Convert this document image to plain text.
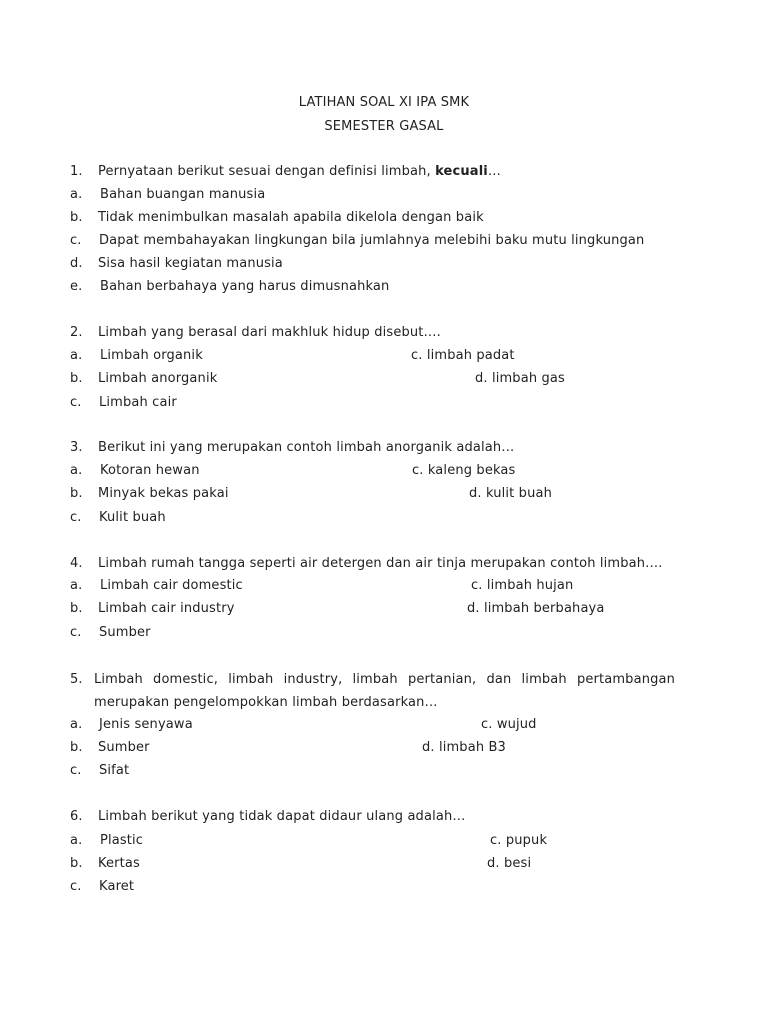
LATIHAN SOAL XI IPA SMK
SEMESTER GASAL
1. Pernyataan berikut sesuai dengan definisi limbah, kecuali…
a. Bahan buangan manusia
b. Tidak menimbulkan masalah apabila dikelola dengan baik
c. Dapat membahayakan lingkungan bila jumlahnya melebihi baku mutu lingkungan
d. Sisa hasil kegiatan manusia
e. Bahan berbahaya yang harus dimusnahkan
2. Limbah yang berasal dari makhluk hidup disebut….
a. Limbah organik	c. limbah padat
b. Limbah anorganik	d. limbah gas
c. Limbah cair
3. Berikut ini yang merupakan contoh limbah anorganik adalah…
a. Kotoran hewan	c. kaleng bekas
b. Minyak bekas pakai	d. kulit buah
c. Kulit buah
4. Limbah rumah tangga seperti air detergen dan air tinja merupakan contoh limbah….
a. Limbah cair domestic	c. limbah hujan
b. Limbah cair industry	d. limbah berbahaya
c. Sumber
5. Limbah domestic, limbah industry, limbah pertanian, dan limbah pertambangan
merupakan pengelompokkan limbah berdasarkan…
a. Jenis senyawa	c. wujud
b. Sumber	d. limbah B3
c. Sifat
6. Limbah berikut yang tidak dapat didaur ulang adalah…
a. Plastic	c. pupuk
b. Kertas	d. besi
c. Karet
